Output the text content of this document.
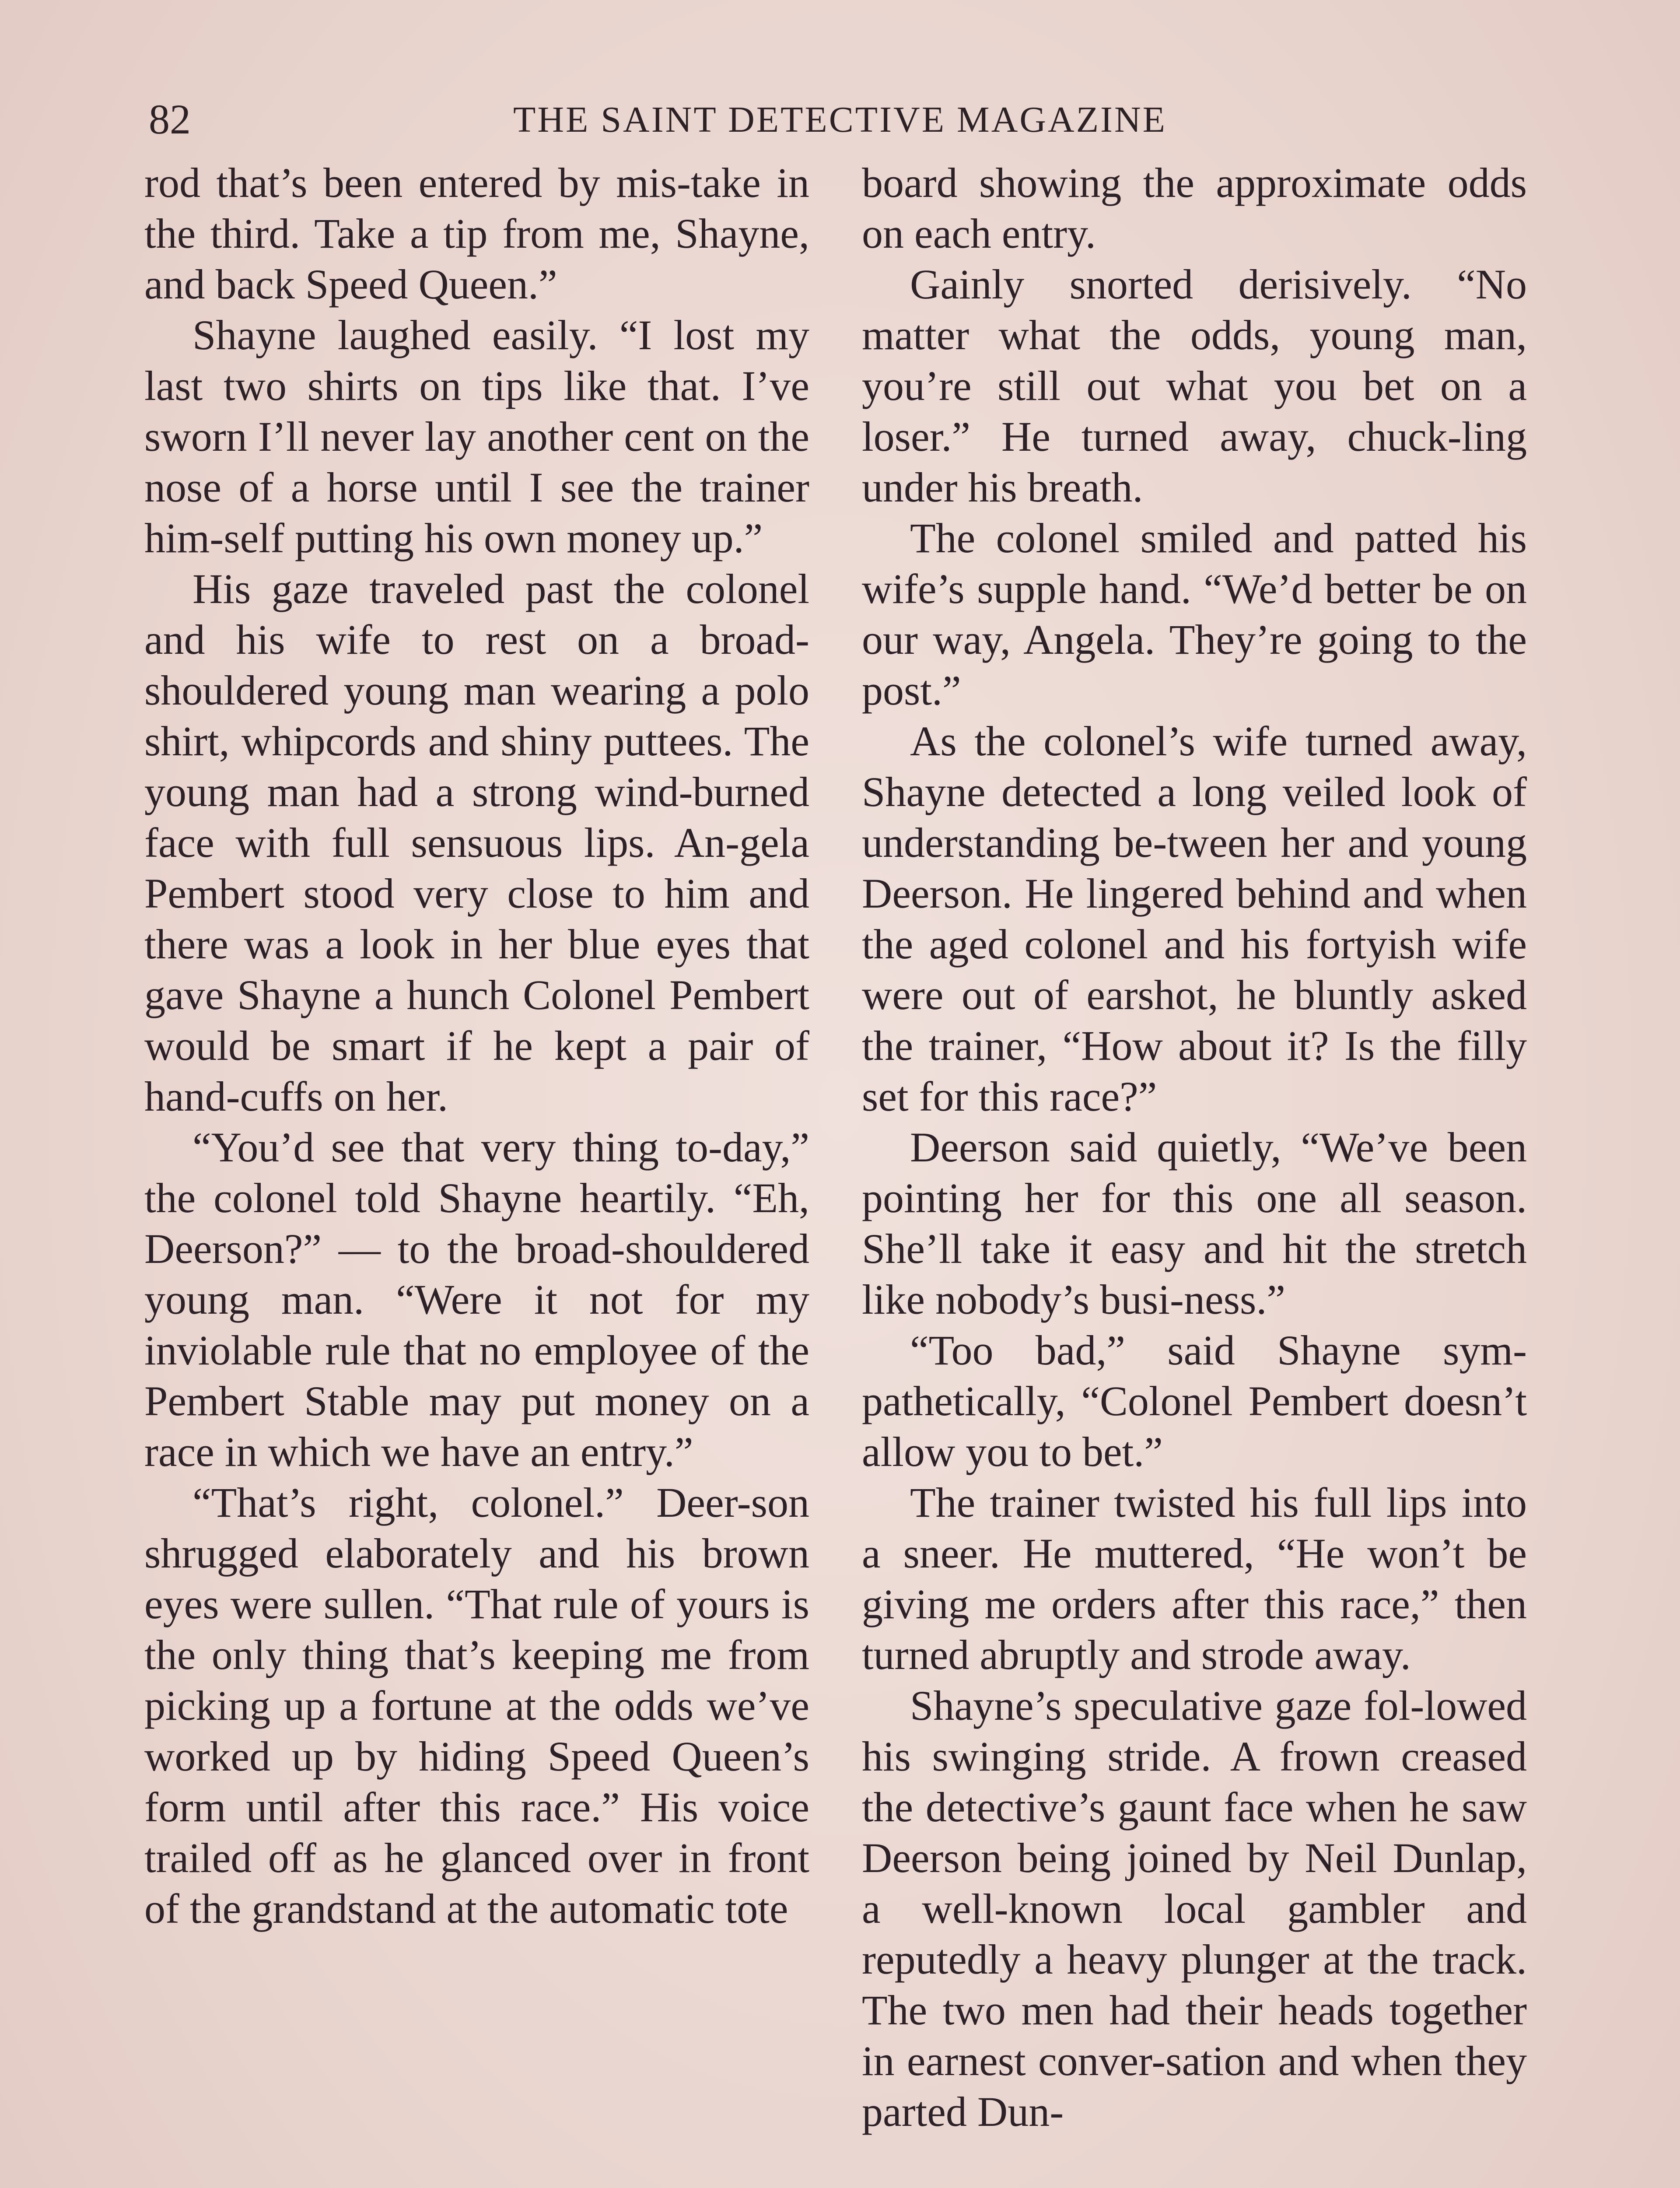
82	THE SAINT DETECTIVE MAGAZINE

rod that’s been entered by mis-take in the third. Take a tip from me, Shayne, and back Speed Queen.”

Shayne laughed easily. “I lost my last two shirts on tips like that. I’ve sworn I’ll never lay another cent on the nose of a horse until I see the trainer him-self putting his own money up.”

His gaze traveled past the colonel and his wife to rest on a broad-shouldered young man wearing a polo shirt, whipcords and shiny puttees. The young man had a strong wind-burned face with full sensuous lips. An-gela Pembert stood very close to him and there was a look in her blue eyes that gave Shayne a hunch Colonel Pembert would be smart if he kept a pair of hand-cuffs on her.

“You’d see that very thing to-day,” the colonel told Shayne heartily. “Eh, Deerson?” — to the broad-shouldered young man. “Were it not for my inviolable rule that no employee of the Pembert Stable may put money on a race in which we have an entry.”

“That’s right, colonel.” Deer-son shrugged elaborately and his brown eyes were sullen. “That rule of yours is the only thing that’s keeping me from picking up a fortune at the odds we’ve worked up by hiding Speed Queen’s form until after this race.” His voice trailed off as he glanced over in front of the grandstand at the automatic tote

board showing the approximate odds on each entry.

Gainly snorted derisively. “No matter what the odds, young man, you’re still out what you bet on a loser.” He turned away, chuck-ling under his breath.

The colonel smiled and patted his wife’s supple hand. “We’d better be on our way, Angela. They’re going to the post.”

As the colonel’s wife turned away, Shayne detected a long veiled look of understanding be-tween her and young Deerson. He lingered behind and when the aged colonel and his fortyish wife were out of earshot, he bluntly asked the trainer, “How about it? Is the filly set for this race?”

Deerson said quietly, “We’ve been pointing her for this one all season. She’ll take it easy and hit the stretch like nobody’s busi-ness.”

“Too bad,” said Shayne sym-pathetically, “Colonel Pembert doesn’t allow you to bet.”

The trainer twisted his full lips into a sneer. He muttered, “He won’t be giving me orders after this race,” then turned abruptly and strode away.

Shayne’s speculative gaze fol-lowed his swinging stride. A frown creased the detective’s gaunt face when he saw Deerson being joined by Neil Dunlap, a well-known local gambler and reputedly a heavy plunger at the track. The two men had their heads together in earnest conver-sation and when they parted Dun-
